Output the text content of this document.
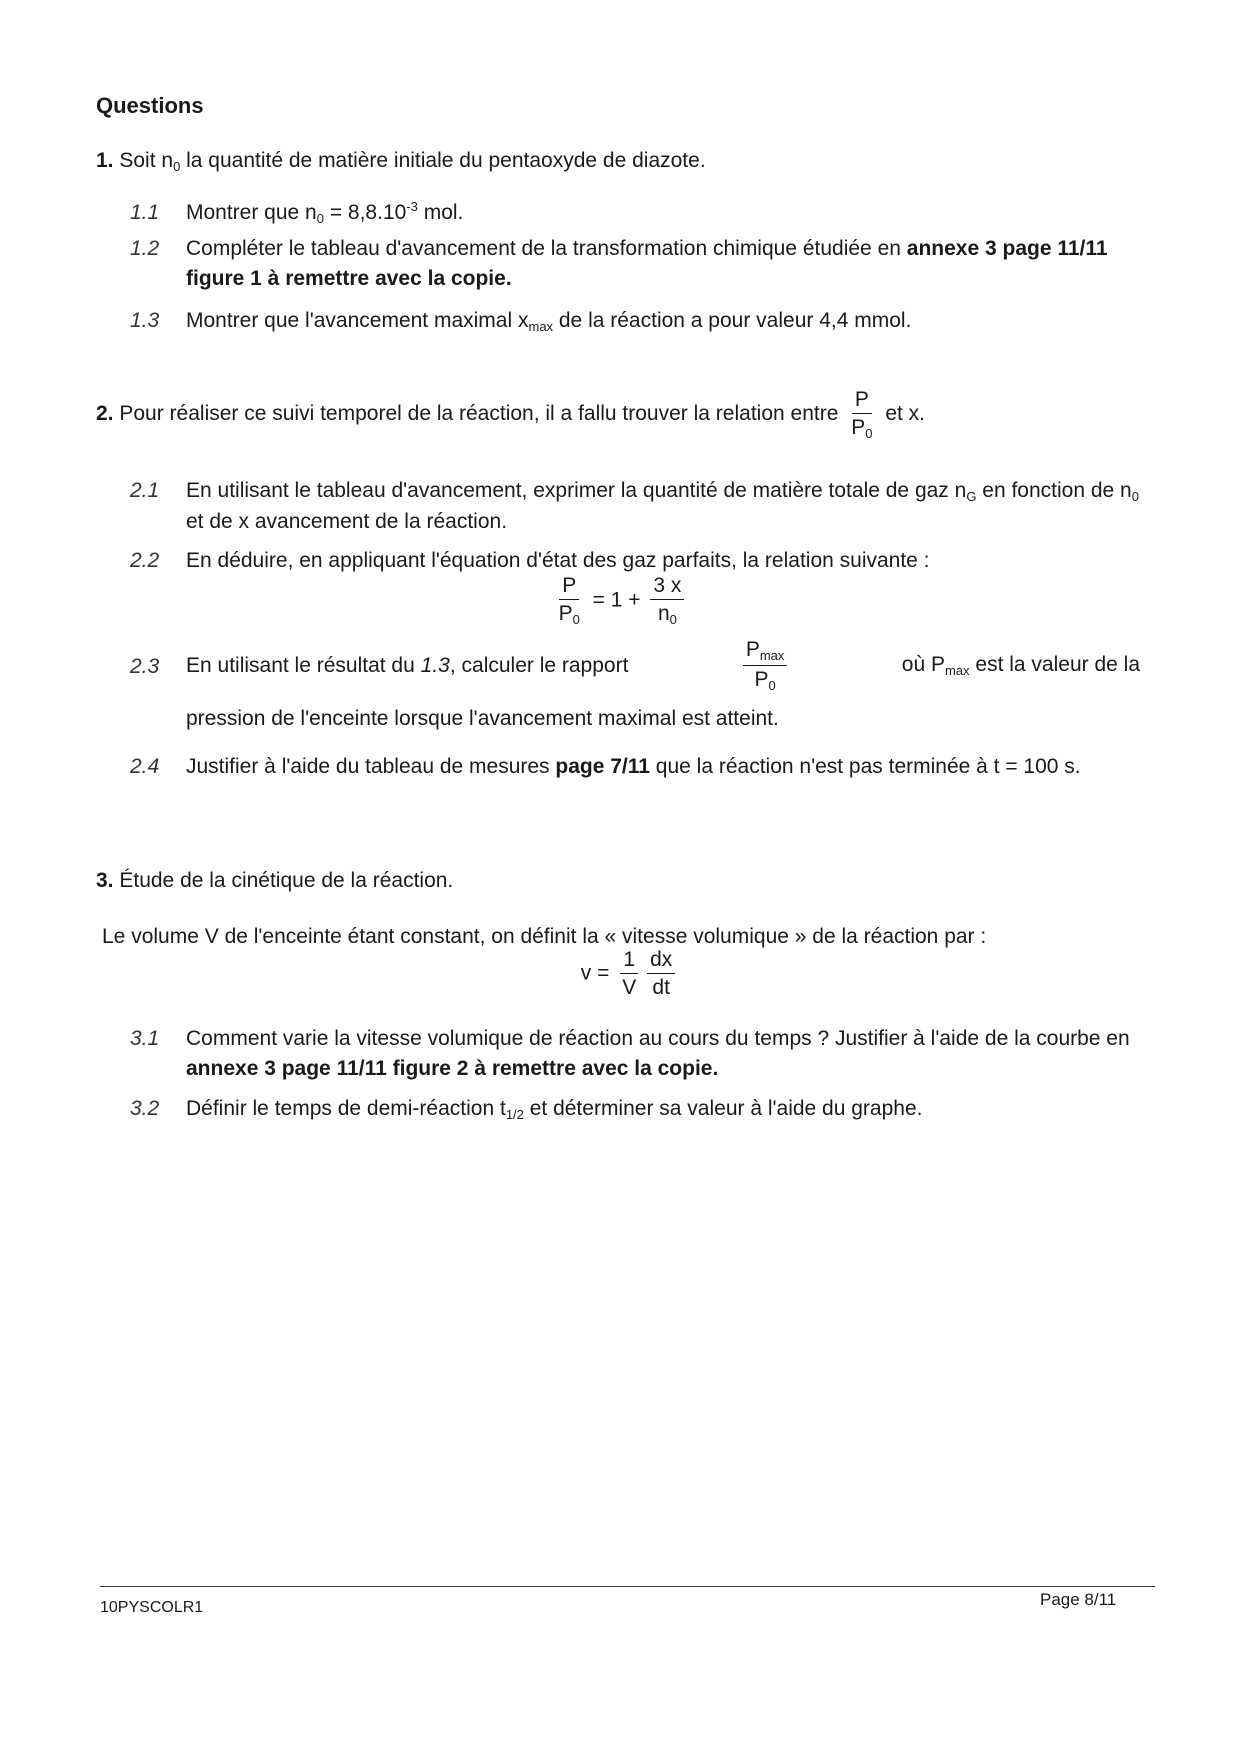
Questions
1. Soit $n_0$ la quantité de matière initiale du pentaoxyde de diazote.
1.1	Montrer que $n_0 = 8,8.10^{-3}$ mol.
1.2	Compléter le tableau d'avancement de la transformation chimique étudiée en annexe 3 page 11/11 figure 1 à remettre avec la copie.
1.3	Montrer que l'avancement maximal $x_{max}$ de la réaction a pour valeur 4,4 mmol.
2. Pour réaliser ce suivi temporel de la réaction, il a fallu trouver la relation entre $\frac{P}{P_0}$ et x.
2.1	En utilisant le tableau d'avancement, exprimer la quantité de matière totale de gaz $n_G$ en fonction de $n_0$ et de x avancement de la réaction.
2.2	En déduire, en appliquant l'équation d'état des gaz parfaits, la relation suivante :
$\frac{P}{P_0} = 1 + \frac{3 x}{n_0}$
2.3	En utilisant le résultat du 1.3, calculer le rapport	$\frac{P_{max}}{P_0}$	où $P_{max}$ est la valeur de la
pression de l'enceinte lorsque l'avancement maximal est atteint.
2.4	Justifier à l'aide du tableau de mesures page 7/11 que la réaction n'est pas terminée à t = 100 s.
3. Étude de la cinétique de la réaction.
Le volume V de l'enceinte étant constant, on définit la « vitesse volumique » de la réaction par :
$v = \frac{1}{V}$
$\frac{dx}{dt}$
3.1	Comment varie la vitesse volumique de réaction au cours du temps ? Justifier à l'aide de la courbe en annexe 3 page 11/11 figure 2 à remettre avec la copie.
3.2	Définir le temps de demi-réaction $t_{1/2}$ et déterminer sa valeur à l'aide du graphe.
10PYSCOLR1	Page 8/11
